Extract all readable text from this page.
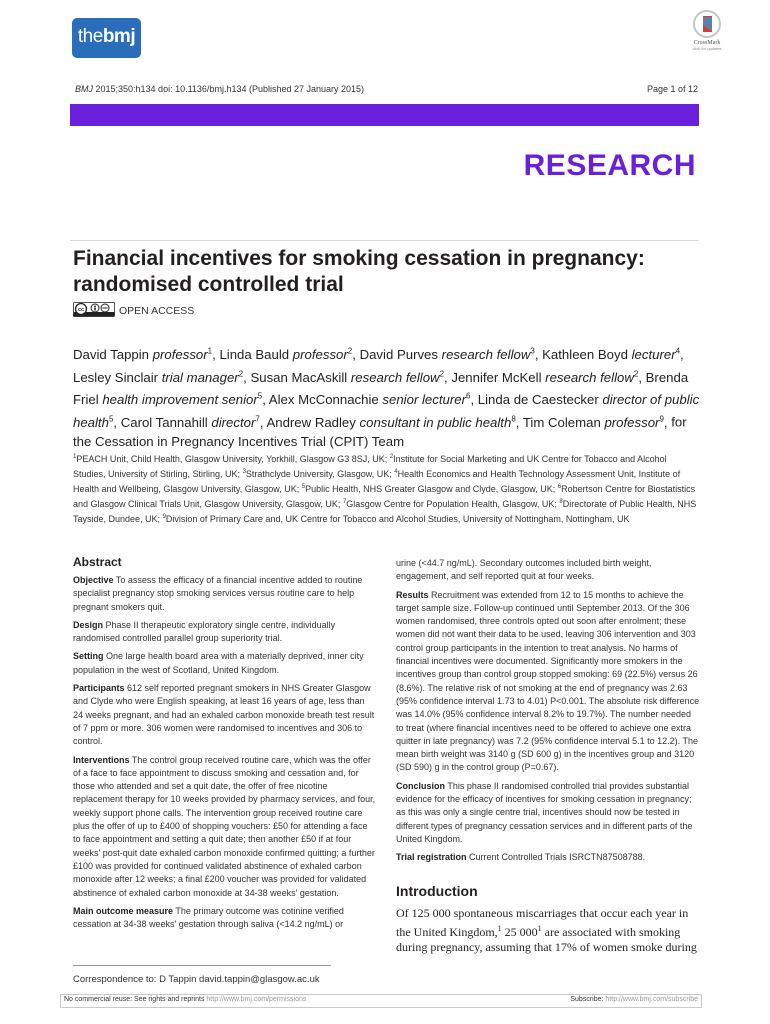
thebmj	CrossMark
click for updates
BMJ 2015;350:h134 doi: 10.1136/bmj.h134 (Published 27 January 2015)	Page 1 of 12
RESEARCH
Financial incentives for smoking cessation in pregnancy: randomised controlled trial
cc	OPEN ACCESS
David Tappin professor$^1$, Linda Bauld professor$^2$, David Purves research fellow$^3$, Kathleen Boyd lecturer$^4$, Lesley Sinclair trial manager$^2$, Susan MacAskill research fellow$^2$, Jennifer McKell research fellow$^2$, Brenda Friel health improvement senior$^5$, Alex McConnachie senior lecturer$^6$, Linda de Caestecker director of public health$^5$, Carol Tannahill director$^7$, Andrew Radley consultant in public health$^8$, Tim Coleman professor$^9$, for the Cessation in Pregnancy Incentives Trial (CPIT) Team
$^1$PEACH Unit, Child Health, Glasgow University, Yorkhill, Glasgow G3 8SJ, UK; $^2$Institute for Social Marketing and UK Centre for Tobacco and Alcohol Studies, University of Stirling, Stirling, UK; $^3$Strathclyde University, Glasgow, UK; $^4$Health Economics and Health Technology Assessment Unit, Institute of Health and Wellbeing, Glasgow University, Glasgow, UK; $^5$Public Health, NHS Greater Glasgow and Clyde, Glasgow, UK; $^6$Robertson Centre for Biostatistics and Glasgow Clinical Trials Unit, Glasgow University, Glasgow, UK; $^7$Glasgow Centre for Population Health, Glasgow, UK; $^8$Directorate of Public Health, NHS Tayside, Dundee, UK; $^9$Division of Primary Care and, UK Centre for Tobacco and Alcohol Studies, University of Nottingham, Nottingham, UK
Abstract

Objective To assess the efficacy of a financial incentive added to routine specialist pregnancy stop smoking services versus routine care to help pregnant smokers quit.

Design Phase II therapeutic exploratory single centre, individually randomised controlled parallel group superiority trial.

Setting One large health board area with a materially deprived, inner city population in the west of Scotland, United Kingdom.

Participants 612 self reported pregnant smokers in NHS Greater Glasgow and Clyde who were English speaking, at least 16 years of age, less than 24 weeks pregnant, and had an exhaled carbon monoxide breath test result of 7 ppm or more. 306 women were randomised to incentives and 306 to control.

Interventions The control group received routine care, which was the offer of a face to face appointment to discuss smoking and cessation and, for those who attended and set a quit date, the offer of free nicotine replacement therapy for 10 weeks provided by pharmacy services, and four, weekly support phone calls. The intervention group received routine care plus the offer of up to £400 of shopping vouchers: £50 for attending a face to face appointment and setting a quit date; then another £50 if at four weeks' post-quit date exhaled carbon monoxide confirmed quitting; a further £100 was provided for continued validated abstinence of exhaled carbon monoxide after 12 weeks; a final £200 voucher was provided for validated abstinence of exhaled carbon monoxide at 34-38 weeks' gestation.

Main outcome measure The primary outcome was cotinine verified cessation at 34-38 weeks' gestation through saliva (<14.2 ng/mL) or

urine (<44.7 ng/mL). Secondary outcomes included birth weight, engagement, and self reported quit at four weeks.

Results Recruitment was extended from 12 to 15 months to achieve the target sample size. Follow-up continued until September 2013. Of the 306 women randomised, three controls opted out soon after enrolment; these women did not want their data to be used, leaving 306 intervention and 303 control group participants in the intention to treat analysis. No harms of financial incentives were documented. Significantly more smokers in the incentives group than control group stopped smoking: 69 (22.5%) versus 26 (8.6%). The relative risk of not smoking at the end of pregnancy was 2.63 (95% confidence interval 1.73 to 4.01) P<0.001. The absolute risk difference was 14.0% (95% confidence interval 8.2% to 19.7%). The number needed to treat (where financial incentives need to be offered to achieve one extra quitter in late pregnancy) was 7.2 (95% confidence interval 5.1 to 12.2). The mean birth weight was 3140 g (SD 600 g) in the incentives group and 3120 (SD 590) g in the control group (P=0.67).

Conclusion This phase II randomised controlled trial provides substantial evidence for the efficacy of incentives for smoking cessation in pregnancy; as this was only a single centre trial, incentives should now be tested in different types of pregnancy cessation services and in different parts of the United Kingdom.

Trial registration Current Controlled Trials ISRCTN87508788.

Introduction
Of 125 000 spontaneous miscarriages that occur each year in the United Kingdom,$^1$ 25 $000^1$ are associated with smoking during pregnancy, assuming that 17% of women smoke during
Correspondence to: D Tappin david.tappin@glasgow.ac.uk
No commercial reuse: See rights and reprints http://www.bmj.com/permissions	Subscribe: http://www.bmj.com/subscribe
